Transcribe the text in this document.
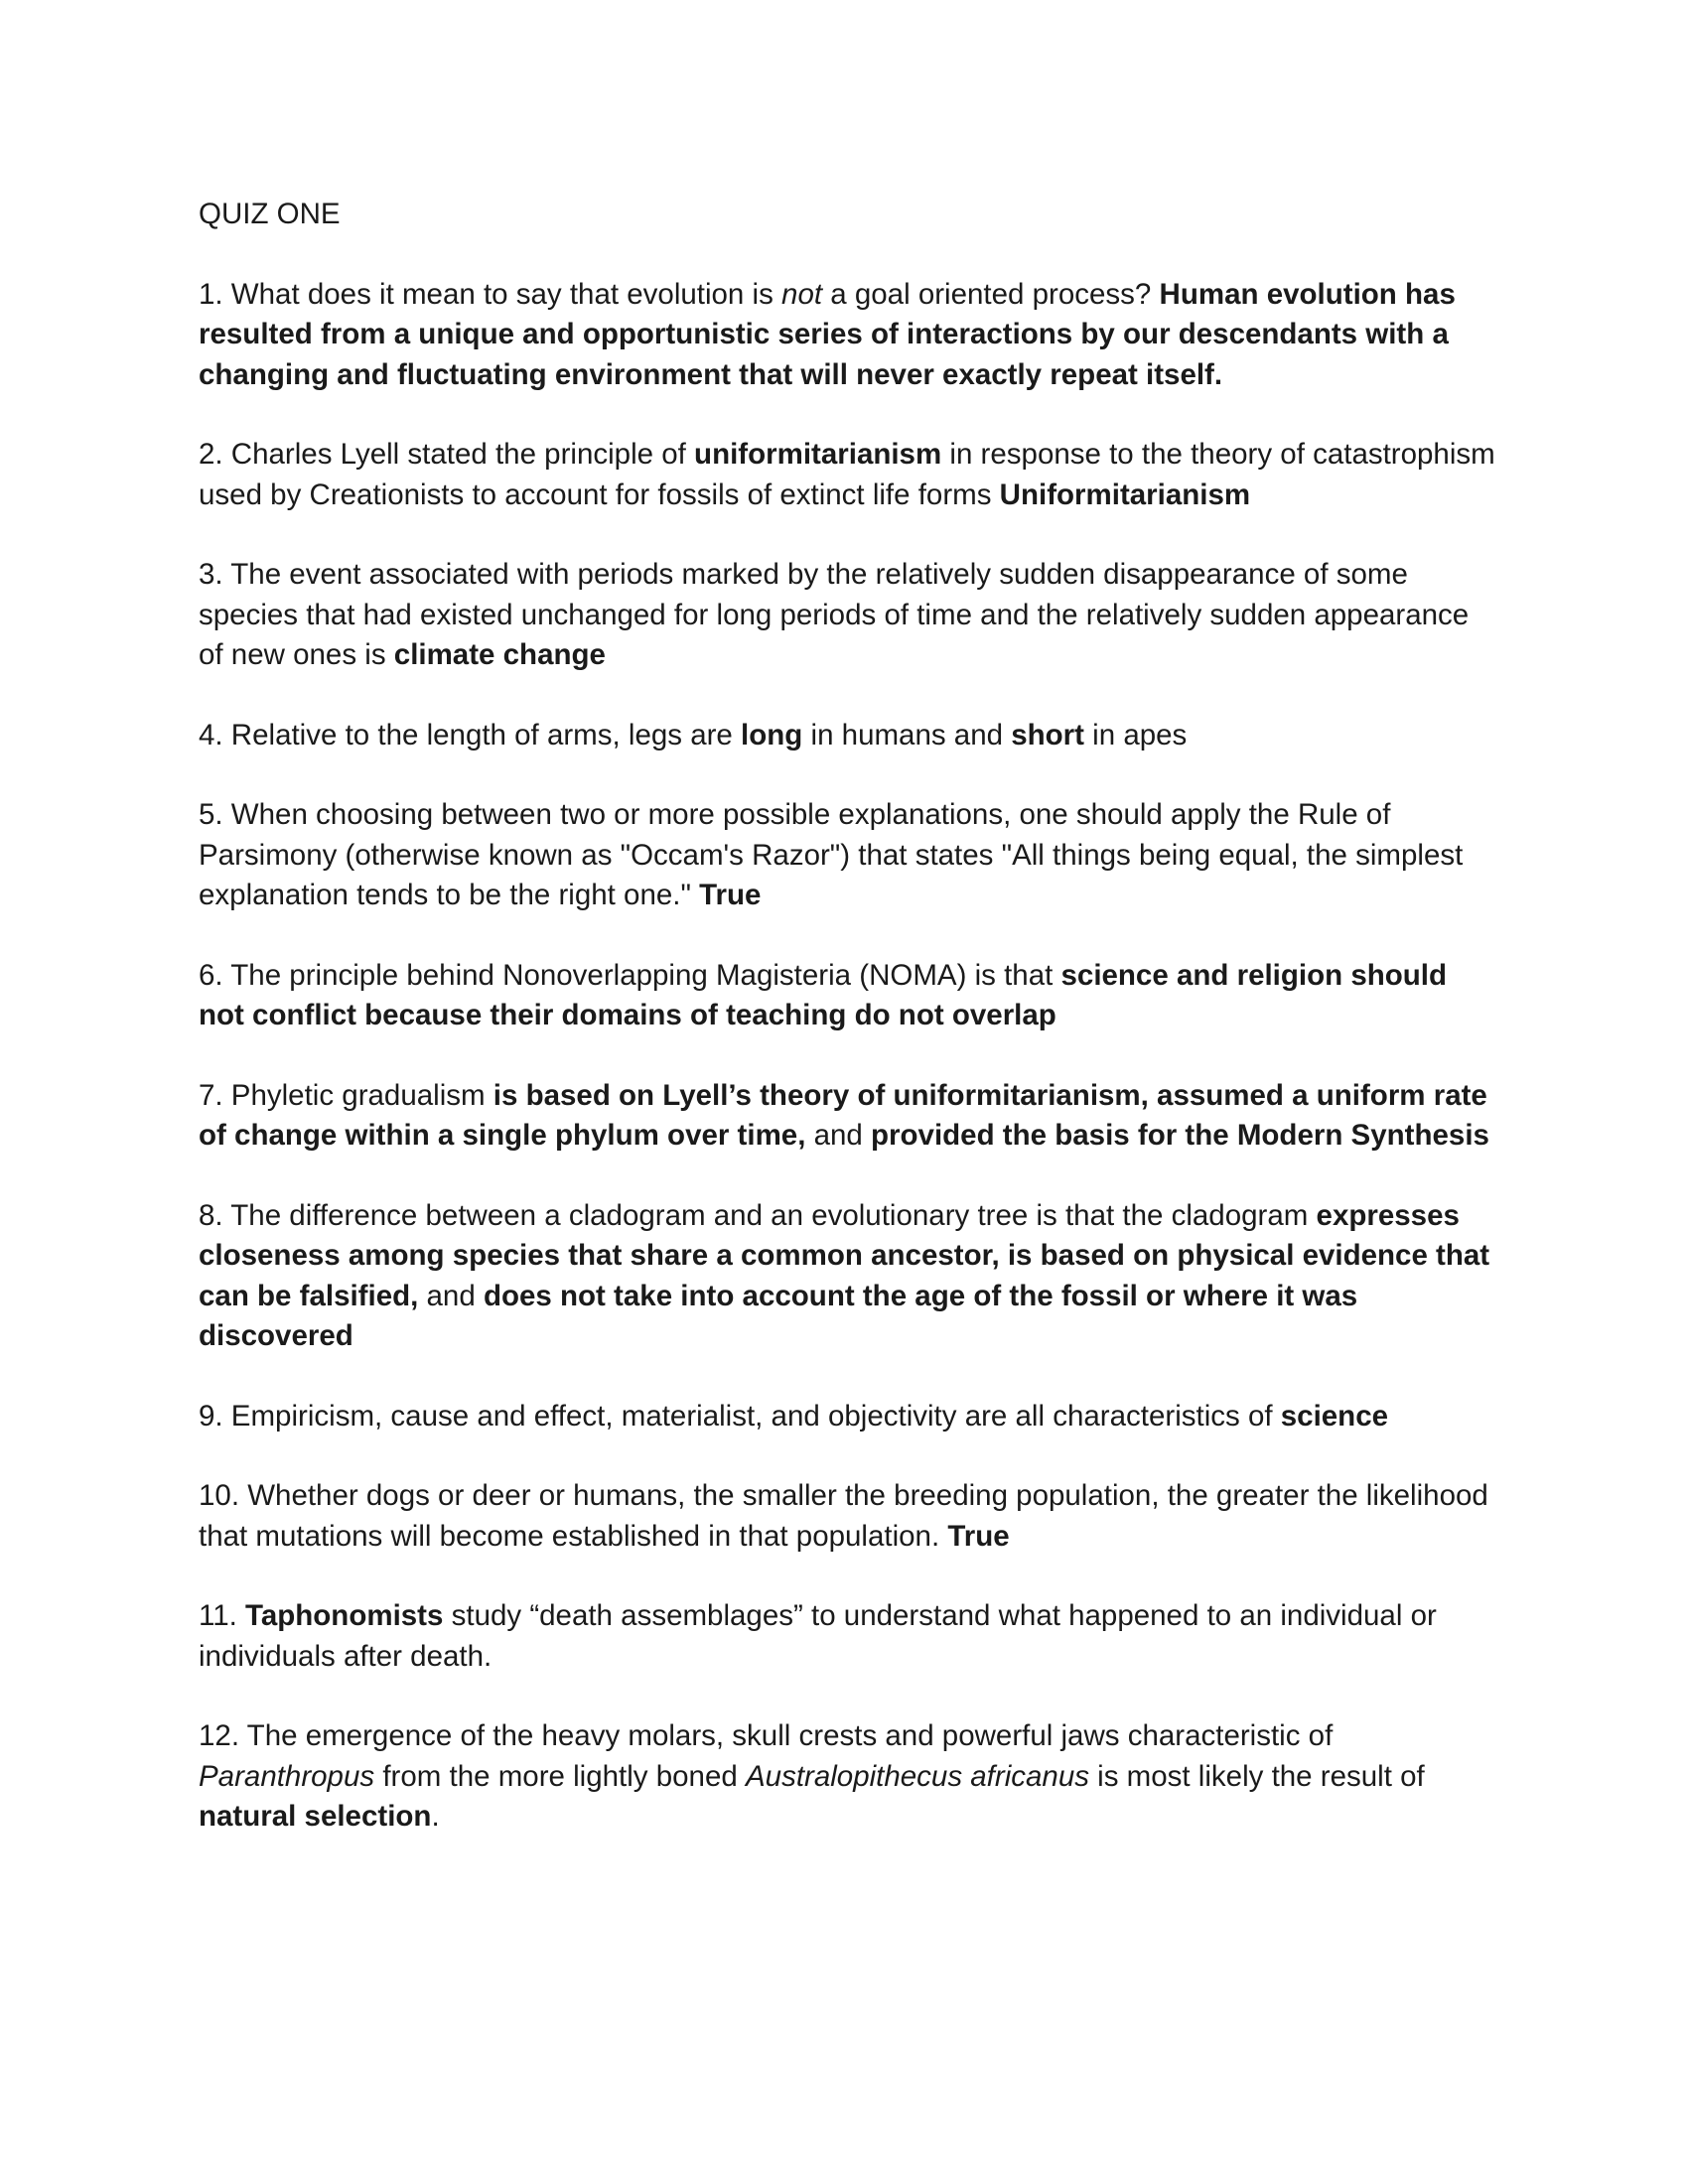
QUIZ ONE

1. What does it mean to say that evolution is not a goal oriented process? Human evolution has resulted from a unique and opportunistic series of interactions by our descendants with a changing and fluctuating environment that will never exactly repeat itself.

2. Charles Lyell stated the principle of uniformitarianism in response to the theory of catastrophism used by Creationists to account for fossils of extinct life forms Uniformitarianism

3. The event associated with periods marked by the relatively sudden disappearance of some species that had existed unchanged for long periods of time and the relatively sudden appearance of new ones is climate change

4. Relative to the length of arms, legs are long in humans and short in apes

5. When choosing between two or more possible explanations, one should apply the Rule of Parsimony (otherwise known as "Occam's Razor") that states "All things being equal, the simplest explanation tends to be the right one." True

6. The principle behind Nonoverlapping Magisteria (NOMA) is that science and religion should not conflict because their domains of teaching do not overlap

7. Phyletic gradualism is based on Lyell’s theory of uniformitarianism, assumed a uniform rate of change within a single phylum over time, and provided the basis for the Modern Synthesis

8. The difference between a cladogram and an evolutionary tree is that the cladogram expresses closeness among species that share a common ancestor, is based on physical evidence that can be falsified, and does not take into account the age of the fossil or where it was discovered

9. Empiricism, cause and effect, materialist, and objectivity are all characteristics of science

10. Whether dogs or deer or humans, the smaller the breeding population, the greater the likelihood that mutations will become established in that population. True

11. Taphonomists study “death assemblages” to understand what happened to an individual or individuals after death.

12. The emergence of the heavy molars, skull crests and powerful jaws characteristic of Paranthropus from the more lightly boned Australopithecus africanus is most likely the result of natural selection.
